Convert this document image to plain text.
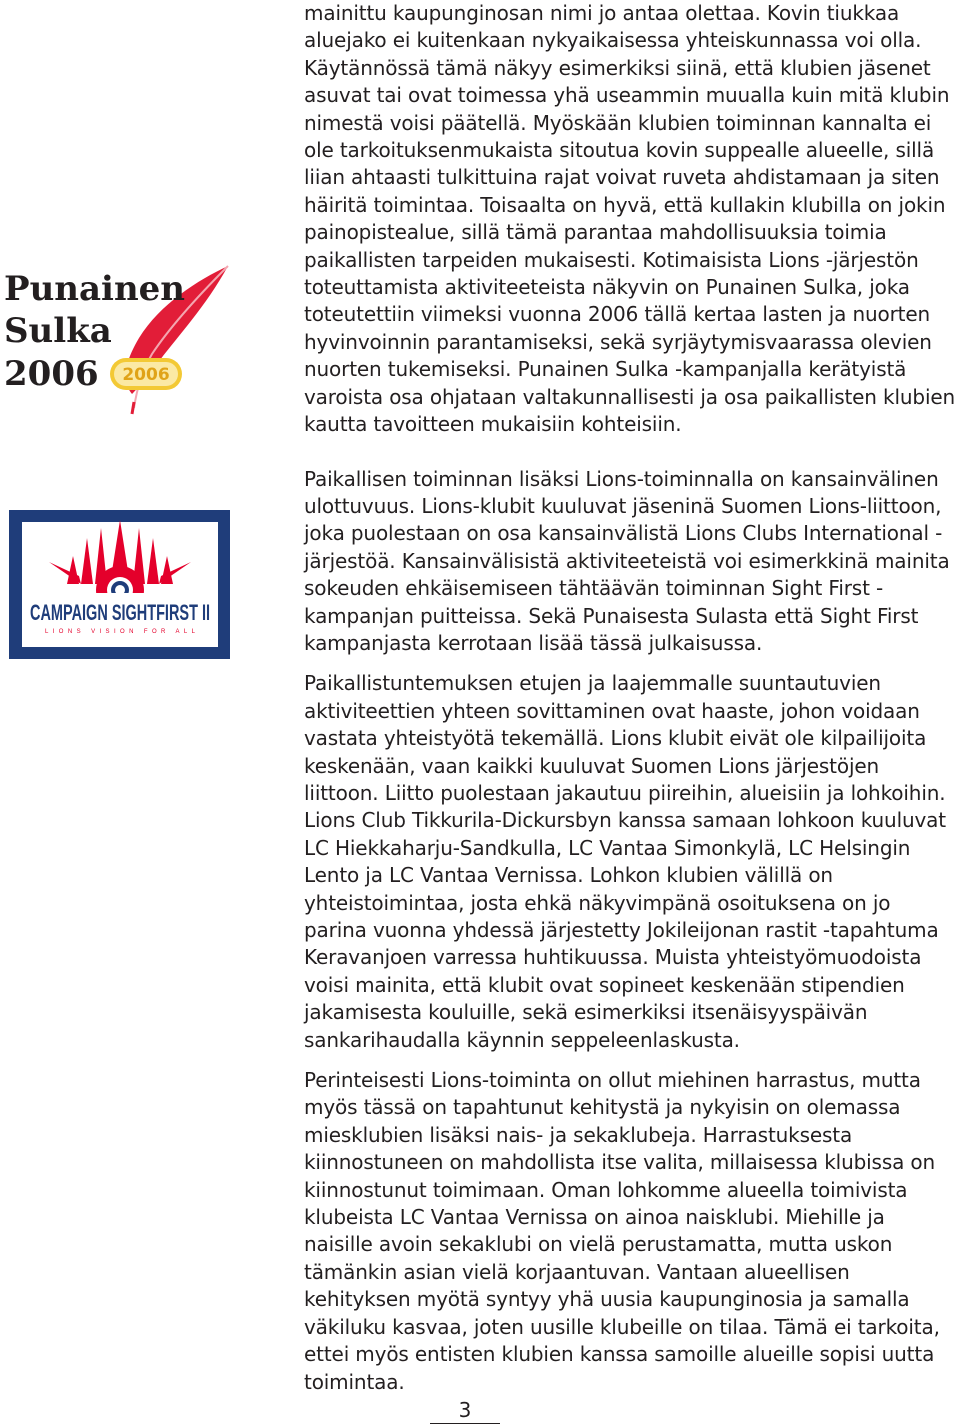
Punainen
Sulka
2006 2006
CAMPAIGN SIGHTFIRST II
LIONS VISION FOR ALL

mainittu kaupunginosan nimi jo antaa olettaa. Kovin tiukkaa aluejako ei kuitenkaan nykyaikaisessa yhteiskunnassa voi olla. Käytännössä tämä näkyy esimerkiksi siinä, että klubien jäsenet asuvat tai ovat toimessa yhä useammin muualla kuin mitä klubin nimestä voisi päätellä. Myöskään klubien toiminnan kannalta ei ole tarkoituksenmukaista sitoutua kovin suppealle alueelle, sillä liian ahtaasti tulkittuina rajat voivat ruveta ahdistamaan ja siten häiritä toimintaa. Toisaalta on hyvä, että kullakin klubilla on jokin painopistealue, sillä tämä parantaa mahdollisuuksia toimia paikallisten tarpeiden mukaisesti. Kotimaisista Lions -järjestön toteuttamista aktiviteeteista näkyvin on Punainen Sulka, joka toteutettiin viimeksi vuonna 2006 tällä kertaa lasten ja nuorten hyvinvoinnin parantamiseksi, sekä syrjäytymisvaarassa olevien nuorten tukemiseksi. Punainen Sulka -kampanjalla kerätyistä varoista osa ohjataan valtakunnallisesti ja osa paikallisten klubien kautta tavoitteen mukaisiin kohteisiin.

Paikallisen toiminnan lisäksi Lions-toiminnalla on kansainvälinen ulottuvuus. Lions-klubit kuuluvat jäseninä Suomen Lions-liittoon, joka puolestaan on osa kansainvälistä Lions Clubs International -järjestöä. Kansainvälisistä aktiviteeteistä voi esimerkkinä mainita sokeuden ehkäisemiseen tähtäävän toiminnan Sight First - kampanjan puitteissa. Sekä Punaisesta Sulasta että Sight First kampanjasta kerrotaan lisää tässä julkaisussa.

Paikallistuntemuksen etujen ja laajemmalle suuntautuvien aktiviteettien yhteen sovittaminen ovat haaste, johon voidaan vastata yhteistyötä tekemällä. Lions klubit eivät ole kilpailijoita keskenään, vaan kaikki kuuluvat Suomen Lions järjestöjen liittoon. Liitto puolestaan jakautuu piireihin, alueisiin ja lohkoihin. Lions Club Tikkurila-Dickursbyn kanssa samaan lohkoon kuuluvat LC Hiekkaharju-Sandkulla, LC Vantaa Simonkylä, LC Helsingin Lento ja LC Vantaa Vernissa. Lohkon klubien välillä on yhteistoimintaa, josta ehkä näkyvimpänä osoituksena on jo parina vuonna yhdessä järjestetty Jokileijonan rastit -tapahtuma Keravanjoen varressa huhtikuussa. Muista yhteistyömuodoista voisi mainita, että klubit ovat sopineet keskenään stipendien jakamisesta kouluille, sekä esimerkiksi itsenäisyyspäivän sankarihaudalla käynnin seppeleenlaskusta.

Perinteisesti Lions-toiminta on ollut miehinen harrastus, mutta myös tässä on tapahtunut kehitystä ja nykyisin on olemassa miesklubien lisäksi nais- ja sekaklubeja. Harrastuksesta kiinnostuneen on mahdollista itse valita, millaisessa klubissa on kiinnostunut toimimaan. Oman lohkomme alueella toimivista klubeista LC Vantaa Vernissa on ainoa naisklubi. Miehille ja naisille avoin sekaklubi on vielä perustamatta, mutta uskon tämänkin asian vielä korjaantuvan. Vantaan alueellisen kehityksen myötä syntyy yhä uusia kaupunginosia ja samalla väkiluku kasvaa, joten uusille klubeille on tilaa. Tämä ei tarkoita, ettei myös entisten klubien kanssa samoille alueille sopisi uutta toimintaa.

3
